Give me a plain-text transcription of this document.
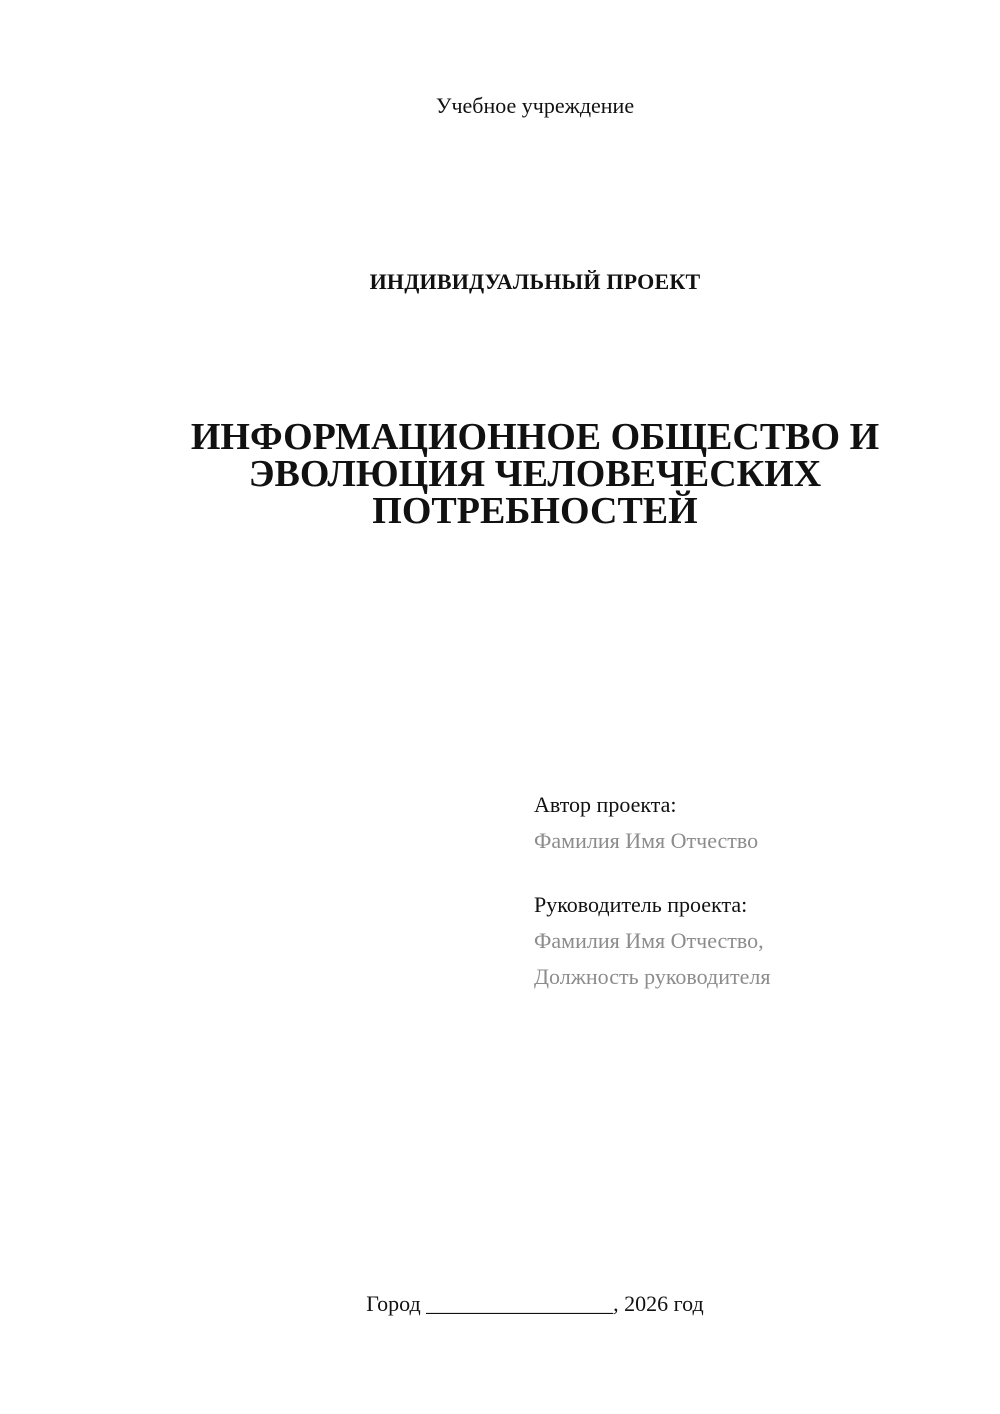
Учебное учреждение
ИНДИВИДУАЛЬНЫЙ ПРОЕКТ
ИНФОРМАЦИОННОЕ ОБЩЕСТВО И
ЭВОЛЮЦИЯ ЧЕЛОВЕЧЕСКИХ
ПОТРЕБНОСТЕЙ
Автор проекта:
Фамилия Имя Отчество
Руководитель проекта:
Фамилия Имя Отчество,
Должность руководителя
Город _________________, 2026 год
